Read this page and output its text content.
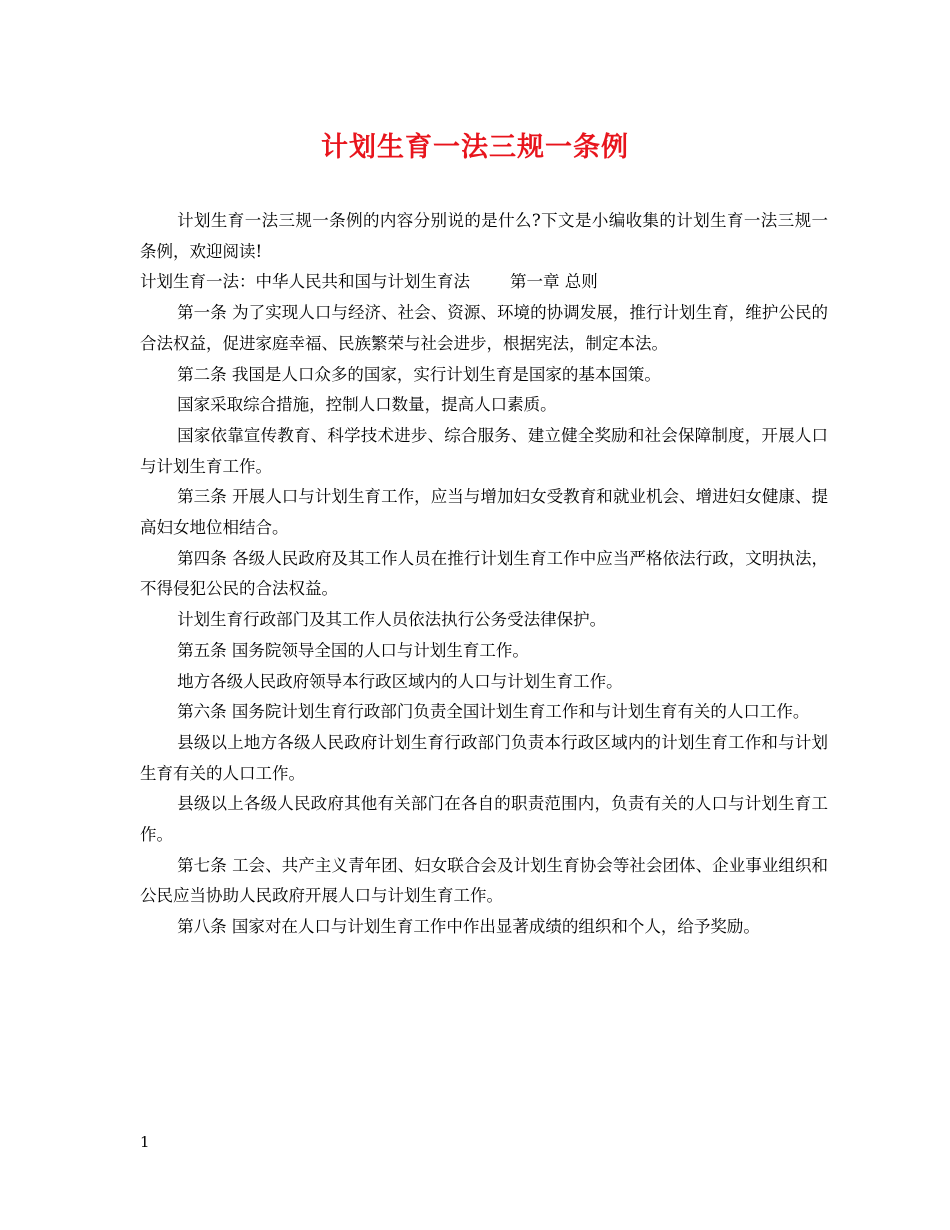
计划生育一法三规一条例

计划生育一法三规一条例的内容分别说的是什么?下文是小编收集的计划生育一法三规一条例，欢迎阅读!

计划生育一法：中华人民共和国与计划生育法 第一章 总则

第一条 为了实现人口与经济、社会、资源、环境的协调发展，推行计划生育，维护公民的合法权益，促进家庭幸福、民族繁荣与社会进步，根据宪法，制定本法。

第二条 我国是人口众多的国家，实行计划生育是国家的基本国策。

国家采取综合措施，控制人口数量，提高人口素质。

国家依靠宣传教育、科学技术进步、综合服务、建立健全奖励和社会保障制度，开展人口与计划生育工作。

第三条 开展人口与计划生育工作，应当与增加妇女受教育和就业机会、增进妇女健康、提高妇女地位相结合。

第四条 各级人民政府及其工作人员在推行计划生育工作中应当严格依法行政，文明执法，不得侵犯公民的合法权益。

计划生育行政部门及其工作人员依法执行公务受法律保护。

第五条 国务院领导全国的人口与计划生育工作。

地方各级人民政府领导本行政区域内的人口与计划生育工作。

第六条 国务院计划生育行政部门负责全国计划生育工作和与计划生育有关的人口工作。

县级以上地方各级人民政府计划生育行政部门负责本行政区域内的计划生育工作和与计划生育有关的人口工作。

县级以上各级人民政府其他有关部门在各自的职责范围内，负责有关的人口与计划生育工作。

第七条 工会、共产主义青年团、妇女联合会及计划生育协会等社会团体、企业事业组织和公民应当协助人民政府开展人口与计划生育工作。

第八条 国家对在人口与计划生育工作中作出显著成绩的组织和个人，给予奖励。

1
